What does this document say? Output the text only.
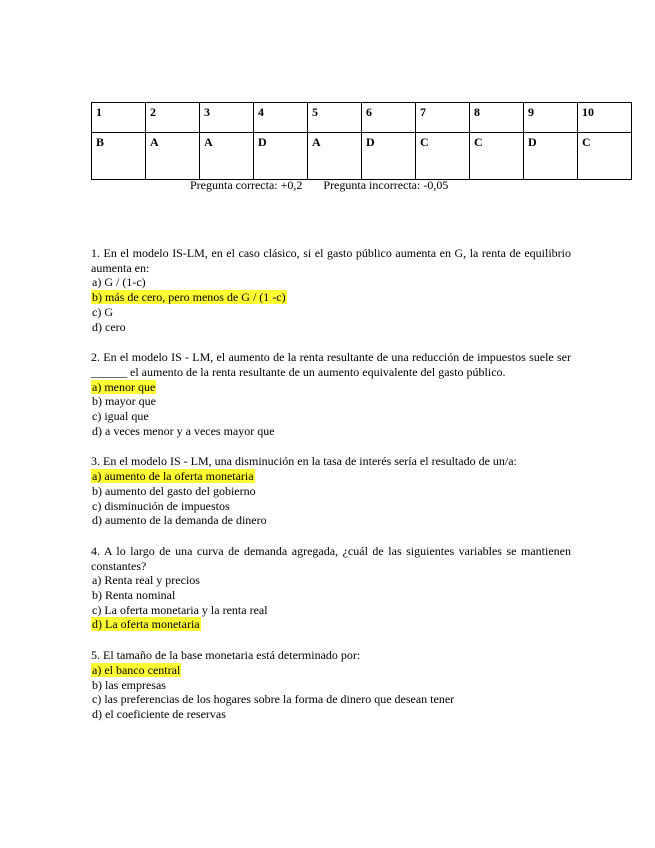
1	2	3	4	5	6	7	8	9	10
B	A	A	D	A	D	C	C	D	C
Pregunta correcta: +0,2 Pregunta incorrecta: -0,05
1. En el modelo IS-LM, en el caso clásico, si el gasto público aumenta en G, la renta de equilibrio aumenta en:
a) G / (1-c)
b) más de cero, pero menos de G / (1 -c)
c) G
d) cero
2. En el modelo IS - LM, el aumento de la renta resultante de una reducción de impuestos suele ser ______ el aumento de la renta resultante de un aumento equivalente del gasto público.
a) menor que
b) mayor que
c) igual que
d) a veces menor y a veces mayor que
3. En el modelo IS - LM, una disminución en la tasa de interés sería el resultado de un/a:
a) aumento de la oferta monetaria
b) aumento del gasto del gobierno
c) disminución de impuestos
d) aumento de la demanda de dinero
4. A lo largo de una curva de demanda agregada, ¿cuál de las siguientes variables se mantienen constantes?
a) Renta real y precios
b) Renta nominal
c) La oferta monetaria y la renta real
d) La oferta monetaria
5. El tamaño de la base monetaria está determinado por:
a) el banco central
b) las empresas
c) las preferencias de los hogares sobre la forma de dinero que desean tener
d) el coeficiente de reservas
